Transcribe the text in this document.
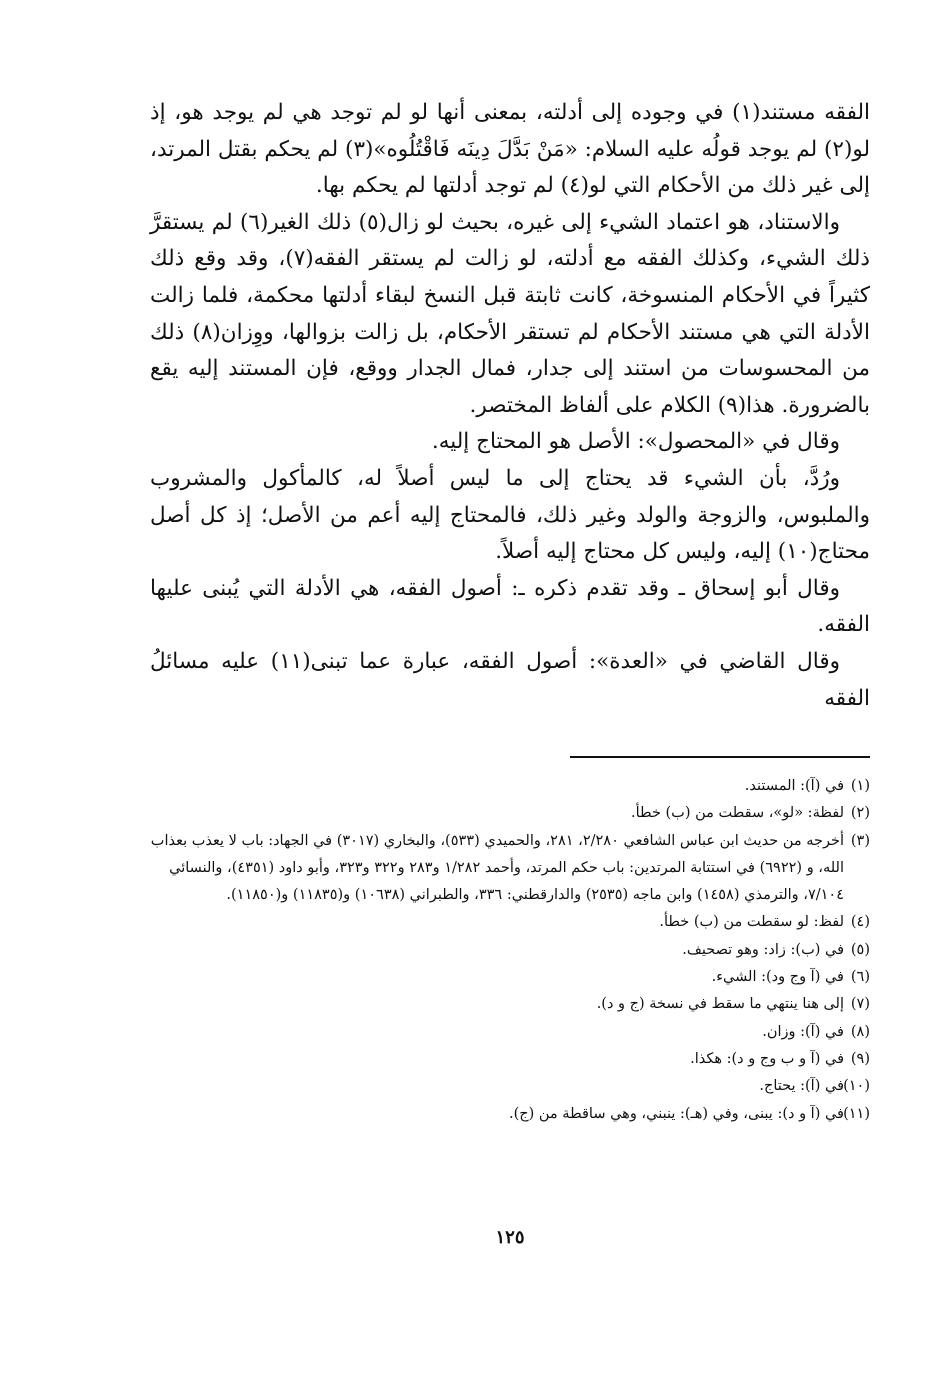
الفقه مستند(١) في وجوده إلى أدلته، بمعنى أنها لو لم توجد هي لم يوجد هو، إذ لو(٢) لم يوجد قولُه عليه السلام: «مَنْ بَدَّلَ دِينَه فَاقْتُلُوه»(٣) لم يحكم بقتل المرتد، إلى غير ذلك من الأحكام التي لو(٤) لم توجد أدلتها لم يحكم بها.

والاستناد، هو اعتماد الشيء إلى غيره، بحيث لو زال(٥) ذلك الغير(٦) لم يستقرَّ ذلك الشيء، وكذلك الفقه مع أدلته، لو زالت لم يستقر الفقه(٧)، وقد وقع ذلك كثيراً في الأحكام المنسوخة، كانت ثابتة قبل النسخ لبقاء أدلتها محكمة، فلما زالت الأدلة التي هي مستند الأحكام لم تستقر الأحكام، بل زالت بزوالها، ووِزان(٨) ذلك من المحسوسات من استند إلى جدار، فمال الجدار ووقع، فإن المستند إليه يقع بالضرورة. هذا(٩) الكلام على ألفاظ المختصر.

وقال في «المحصول»: الأصل هو المحتاج إليه.

ورُدَّ، بأن الشيء قد يحتاج إلى ما ليس أصلاً له، كالمأكول والمشروب والملبوس، والزوجة والولد وغير ذلك، فالمحتاج إليه أعم من الأصل؛ إذ كل أصل محتاج(١٠) إليه، وليس كل محتاج إليه أصلاً.

وقال أبو إسحاق ـ وقد تقدم ذكره ـ: أصول الفقه، هي الأدلة التي يُبنى عليها الفقه.

وقال القاضي في «العدة»: أصول الفقه، عبارة عما تبنى(١١) عليه مسائلُ الفقه

(١)في (آ): المستند.

(٢)لفظة: «لو»، سقطت من (ب) خطأ.

(٣)أخرجه من حديث ابن عباس الشافعي ٢/٢٨٠، ٢٨١، والحميدي (٥٣٣)، والبخاري (٣٠١٧) في الجهاد: باب لا يعذب بعذاب الله، و (٦٩٢٢) في استتابة المرتدين: باب حكم المرتد، وأحمد ١/٢٨٢ و٢٨٣ و٣٢٢ و٣٢٣، وأبو داود (٤٣٥١)، والنسائي ٧/١٠٤، والترمذي (١٤٥٨) وابن ماجه (٢٥٣٥) والدارقطني: ٣٣٦، والطبراني (١٠٦٣٨) و(١١٨٣٥) و(١١٨٥٠).

(٤)لفظ: لو سقطت من (ب) خطأ.

(٥)في (ب): زاد: وهو تصحيف.

(٦)في (آ وج ود): الشيء.

(٧)إلى هنا ينتهي ما سقط في نسخة (ج و د).

(٨)في (آ): وزان.

(٩)في (آ و ب وج و د): هكذا.

(١٠)في (آ): يحتاج.

(١١)في (آ و د): يبنى، وفي (هـ): ينبني، وهي ساقطة من (ج).

١٢٥
